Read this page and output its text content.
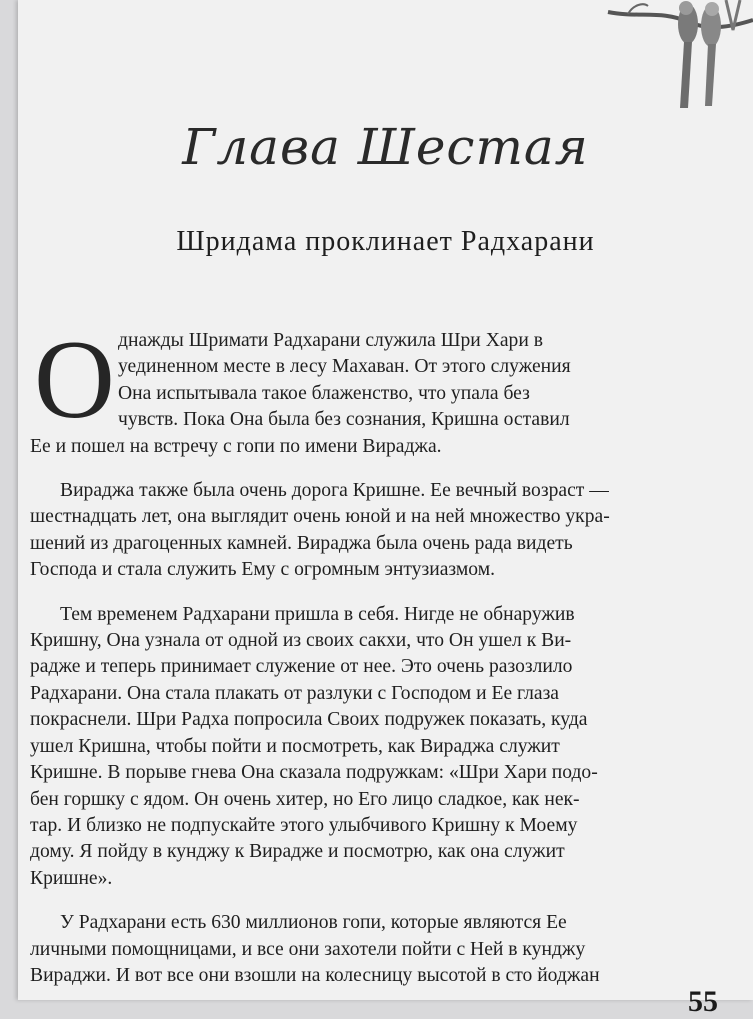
Глава Шестая
Шридама проклинает Радхарани

О днажды Шримати Радхарани служила Шри Хари в
уединенном месте в лесу Махаван. От этого служения
Она испытывала такое блаженство, что упала без
чувств. Пока Она была без сознания, Кришна оставил
Ее и пошел на встречу с гопи по имени Вираджа.

Вираджа также была очень дорога Кришне. Ее вечный возраст —
шестнадцать лет, она выглядит очень юной и на ней множество укра-
шений из драгоценных камней. Вираджа была очень рада видеть
Господа и стала служить Ему с огромным энтузиазмом.

Тем временем Радхарани пришла в себя. Нигде не обнаружив
Кришну, Она узнала от одной из своих сакхи, что Он ушел к Ви-
радже и теперь принимает служение от нее. Это очень разозлило
Радхарани. Она стала плакать от разлуки с Господом и Ее глаза
покраснели. Шри Радха попросила Своих подружек показать, куда
ушел Кришна, чтобы пойти и посмотреть, как Вираджа служит
Кришне. В порыве гнева Она сказала подружкам: «Шри Хари подо-
бен горшку с ядом. Он очень хитер, но Его лицо сладкое, как нек-
тар. И близко не подпускайте этого улыбчивого Кришну к Моему
дому. Я пойду в кунджу к Вирадже и посмотрю, как она служит
Кришне».

У Радхарани есть 630 миллионов гопи, которые являются Ее
личными помощницами, и все они захотели пойти с Ней в кунджу
Вираджи. И вот все они взошли на колесницу высотой в сто йоджан

55
